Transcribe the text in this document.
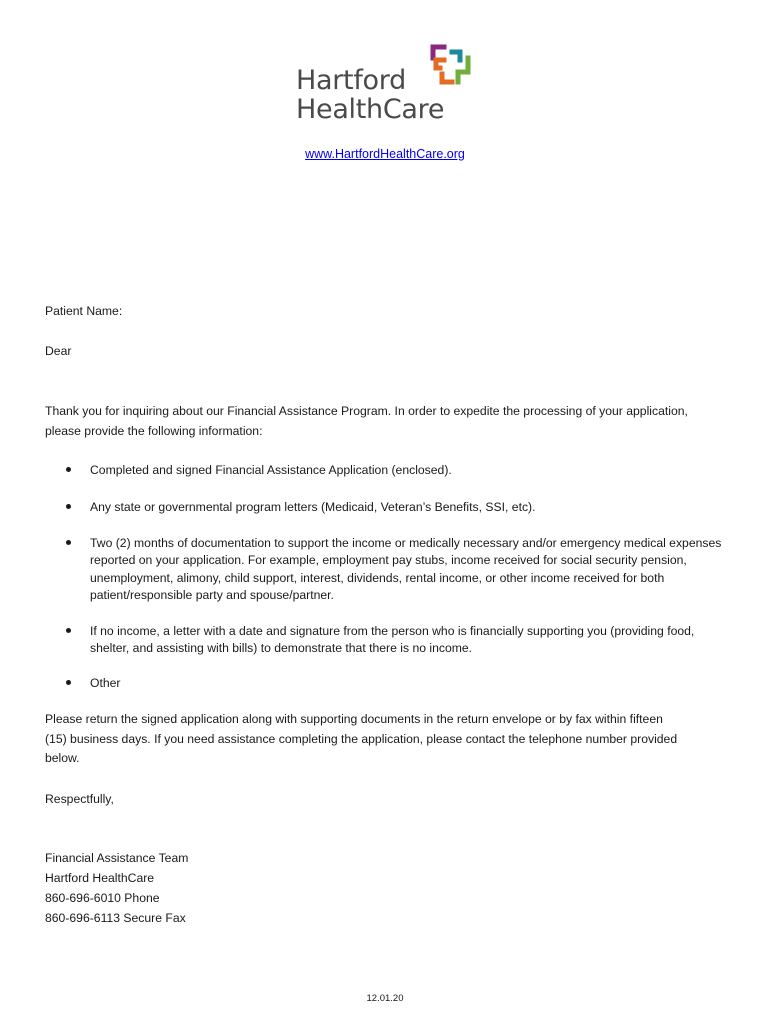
Hartford
HealthCare
www.HartfordHealthCare.org
Patient Name:
Dear
Thank you for inquiring about our Financial Assistance Program. In order to expedite the processing of your application,
please provide the following information:
Completed and signed Financial Assistance Application (enclosed).
Any state or governmental program letters (Medicaid, Veteran’s Benefits, SSI, etc).
Two (2) months of documentation to support the income or medically necessary and/or emergency medical expenses reported on your application. For example, employment pay stubs, income received for social security pension, unemployment, alimony, child support, interest, dividends, rental income, or other income received for both patient/responsible party and spouse/partner.
If no income, a letter with a date and signature from the person who is financially supporting you (providing food, shelter, and assisting with bills) to demonstrate that there is no income.
Other
Please return the signed application along with supporting documents in the return envelope or by fax within fifteen
(15) business days. If you need assistance completing the application, please contact the telephone number provided
below.
Respectfully,
Financial Assistance Team
Hartford HealthCare
860-696-6010 Phone
860-696-6113 Secure Fax
12.01.20
